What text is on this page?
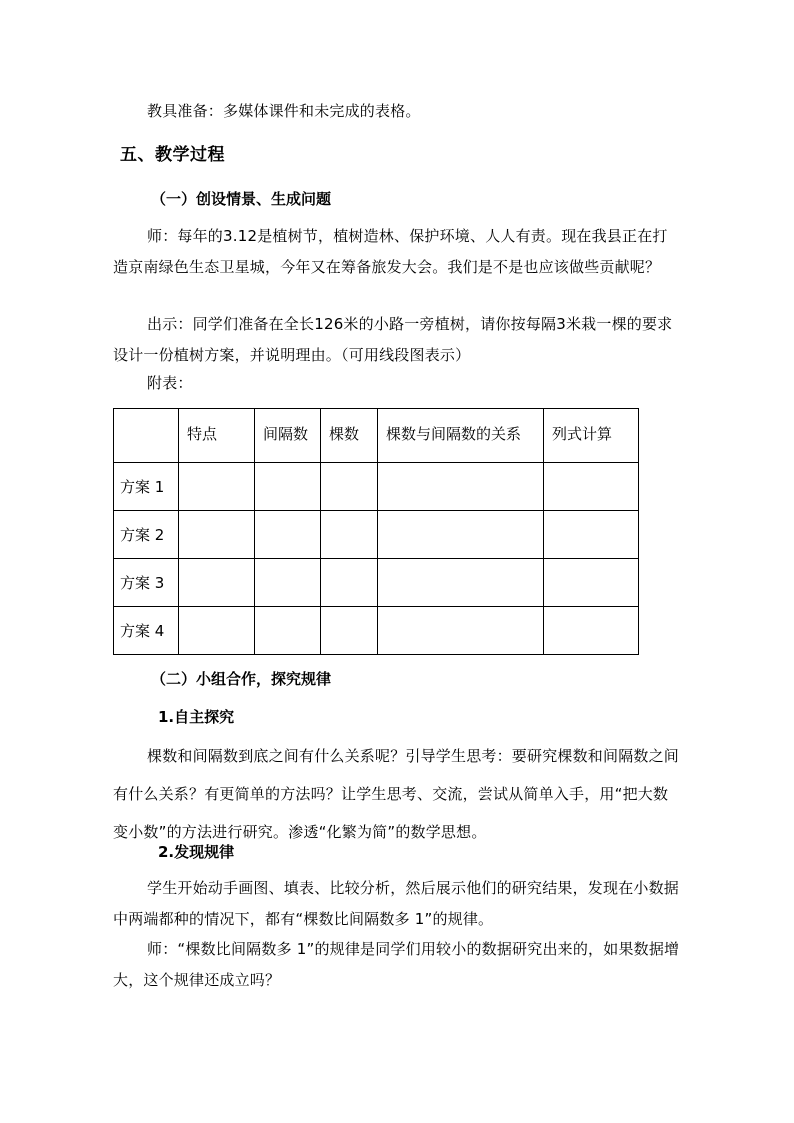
教具准备：多媒体课件和未完成的表格。

五、教学过程
（一）创设情景、生成问题

师：每年的3.12是植树节，植树造林、保护环境、人人有责。现在我县正在打造京南绿色生态卫星城，今年又在筹备旅发大会。我们是不是也应该做些贡献呢？

出示：同学们准备在全长126米的小路一旁植树，请你按每隔3米栽一棵的要求设计一份植树方案，并说明理由。（可用线段图表示）

附表：

	特点	间隔数	棵数	棵数与间隔数的关系	列式计算
方案 1					
方案 2					
方案 3					
方案 4					
（二）小组合作，探究规律
1.自主探究

棵数和间隔数到底之间有什么关系呢？引导学生思考：要研究棵数和间隔数之间有什么关系？有更简单的方法吗？让学生思考、交流，尝试从简单入手，用“把大数变小数”的方法进行研究。渗透“化繁为简”的数学思想。

2.发现规律

学生开始动手画图、填表、比较分析，然后展示他们的研究结果，发现在小数据中两端都种的情况下，都有“棵数比间隔数多 1”的规律。

师：“棵数比间隔数多 1”的规律是同学们用较小的数据研究出来的，如果数据增大，这个规律还成立吗？
